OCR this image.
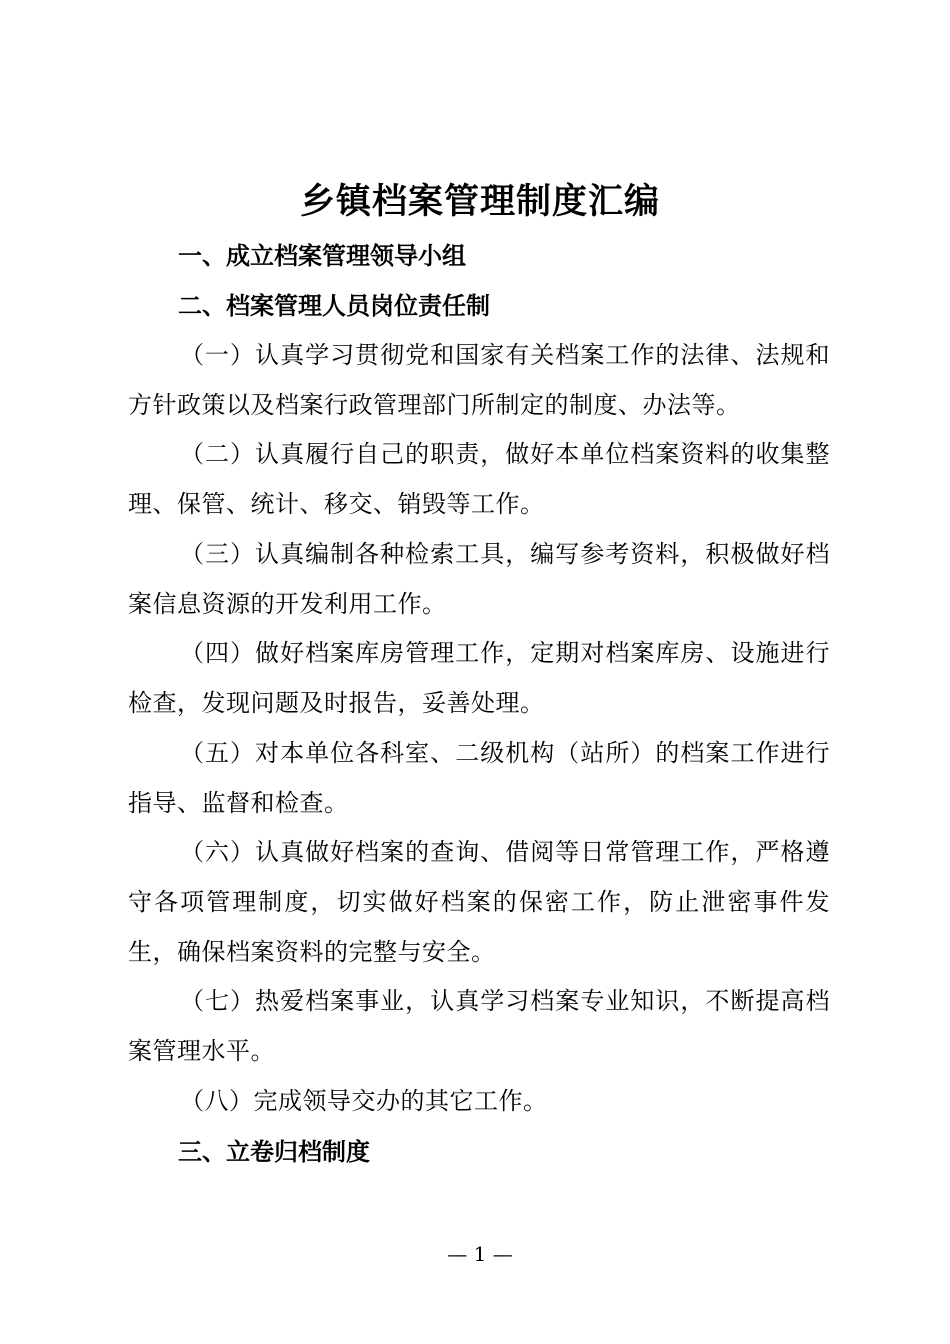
乡镇档案管理制度汇编
一、成立档案管理领导小组
二、档案管理人员岗位责任制
（一）认真学习贯彻党和国家有关档案工作的法律、法规和方针政策以及档案行政管理部门所制定的制度、办法等。
（二）认真履行自己的职责，做好本单位档案资料的收集整理、保管、统计、移交、销毁等工作。
（三）认真编制各种检索工具，编写参考资料，积极做好档案信息资源的开发利用工作。
（四）做好档案库房管理工作，定期对档案库房、设施进行检查，发现问题及时报告，妥善处理。
（五）对本单位各科室、二级机构（站所）的档案工作进行指导、监督和检查。
（六）认真做好档案的查询、借阅等日常管理工作，严格遵守各项管理制度，切实做好档案的保密工作，防止泄密事件发生，确保档案资料的完整与安全。
（七）热爱档案事业，认真学习档案专业知识，不断提高档案管理水平。
（八）完成领导交办的其它工作。
三、立卷归档制度
— 1 —
